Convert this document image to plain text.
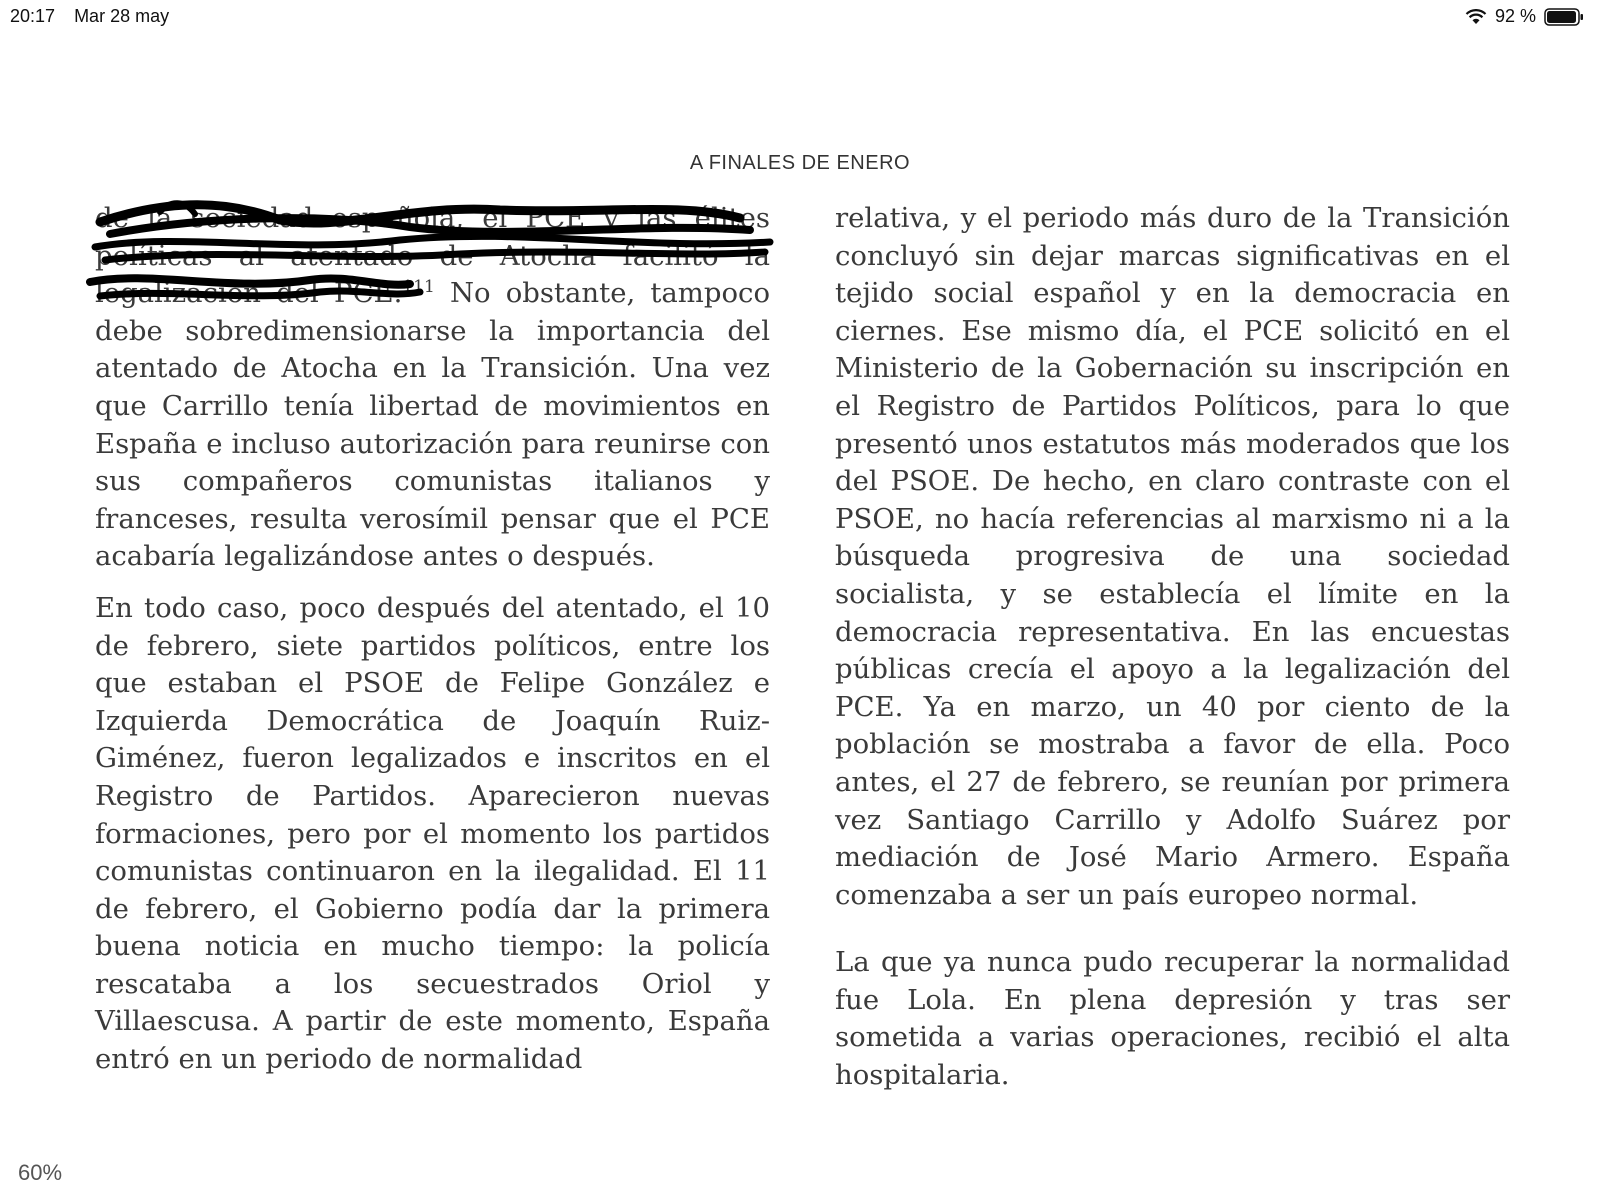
20:17 Mar 28 may	92 %
A FINALES DE ENERO

de la sociedad española, el PCE y las élites políticas al atentado de Atocha facilitó la legalización del PCE.$^{111}$ No obstante, tampoco debe sobredimensionarse la importancia del atentado de Atocha en la Transición. Una vez que Carrillo tenía libertad de movimientos en España e incluso autorización para reunirse con sus compañeros comunistas italianos y franceses, resulta verosímil pensar que el PCE acabaría legalizándose antes o después.

En todo caso, poco después del atentado, el 10 de febrero, siete partidos políticos, entre los que estaban el PSOE de Felipe González e Izquierda Democrática de Joaquín Ruiz-Giménez, fueron legalizados e inscritos en el Registro de Partidos. Aparecieron nuevas formaciones, pero por el momento los partidos comunistas continuaron en la ilegalidad. El 11 de febrero, el Gobierno podía dar la primera buena noticia en mucho tiempo: la policía rescataba a los secuestrados Oriol y Villaescusa. A partir de este momento, España entró en un periodo de normalidad

relativa, y el periodo más duro de la Transición concluyó sin dejar marcas significativas en el tejido social español y en la democracia en ciernes. Ese mismo día, el PCE solicitó en el Ministerio de la Gobernación su inscripción en el Registro de Partidos Políticos, para lo que presentó unos estatutos más moderados que los del PSOE. De hecho, en claro contraste con el PSOE, no hacía referencias al marxismo ni a la búsqueda progresiva de una sociedad socialista, y se establecía el límite en la democracia representativa. En las encuestas públicas crecía el apoyo a la legalización del PCE. Ya en marzo, un 40 por ciento de la población se mostraba a favor de ella. Poco antes, el 27 de febrero, se reunían por primera vez Santiago Carrillo y Adolfo Suárez por mediación de José Mario Armero. España comenzaba a ser un país europeo normal.

La que ya nunca pudo recuperar la normalidad fue Lola. En plena depresión y tras ser sometida a varias operaciones, recibió el alta hospitalaria.

60%
